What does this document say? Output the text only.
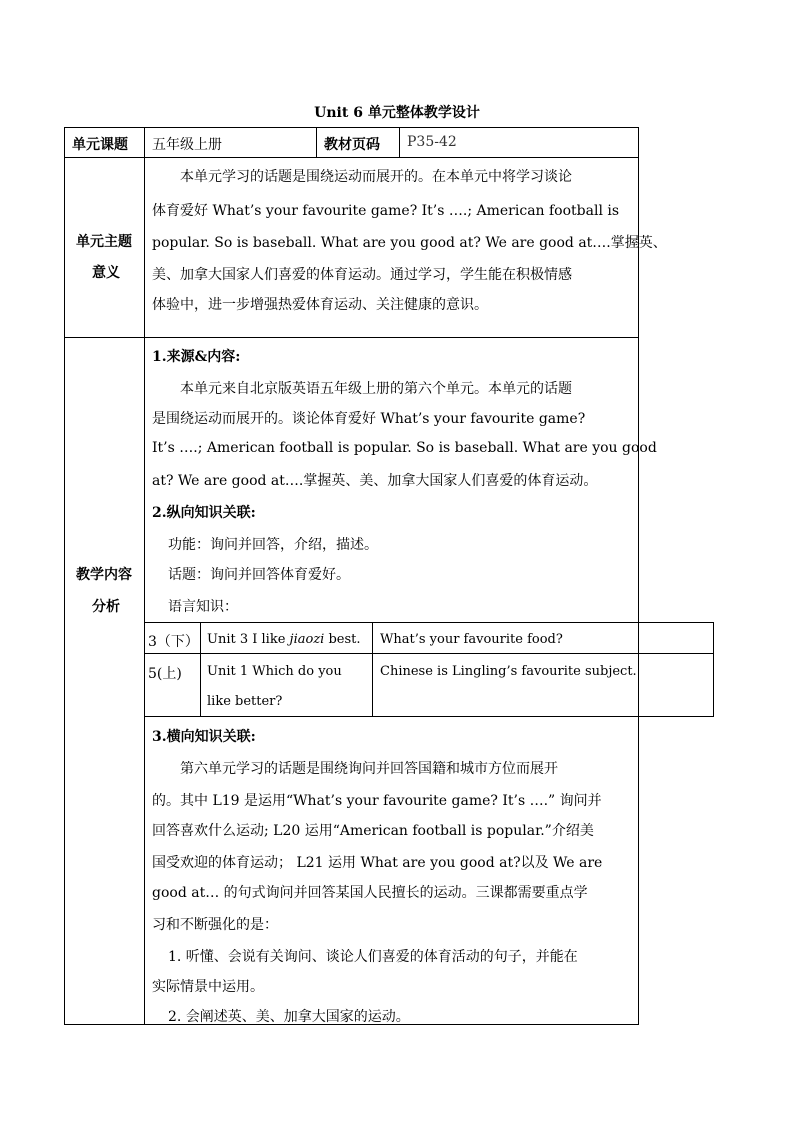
Unit 6 单元整体教学设计
单元课题 五年级上册	教材页码 P35-42
单元主题
意义
本单元学习的话题是围绕运动而展开的。在本单元中将学习谈论
体育爱好 What’s your favourite game? It’s ….; American football is
popular. So is baseball. What are you good at? We are good at….掌握英、
美、加拿大国家人们喜爱的体育运动。通过学习，学生能在积极情感
体验中，进一步增强热爱体育运动、关注健康的意识。
教学内容
分析
1.来源&内容:
本单元来自北京版英语五年级上册的第六个单元。本单元的话题
是围绕运动而展开的。谈论体育爱好 What’s your favourite game?
It’s ….; American football is popular. So is baseball. What are you good
at? We are good at….掌握英、美、加拿大国家人们喜爱的体育运动。
2.纵向知识关联:
功能：询问并回答，介绍，描述。
话题：询问并回答体育爱好。
语言知识：
3（下） Unit 3 I like jiaozi best. What’s your favourite food?
5(上) Unit 1 Which do you
like better?
Chinese is Lingling’s favourite subject.
3.横向知识关联:
第六单元学习的话题是围绕询问并回答国籍和城市方位而展开
的。其中 L19 是运用“What’s your favourite game? It’s ….” 询问并
回答喜欢什么运动; L20 运用“American football is popular.”介绍美
国受欢迎的体育运动； L21 运用 What are you good at?以及 We are
good at… 的句式询问并回答某国人民擅长的运动。三课都需要重点学
习和不断强化的是：
1. 听懂、会说有关询问、谈论人们喜爱的体育活动的句子，并能在
实际情景中运用。
2. 会阐述英、美、加拿大国家的运动。
